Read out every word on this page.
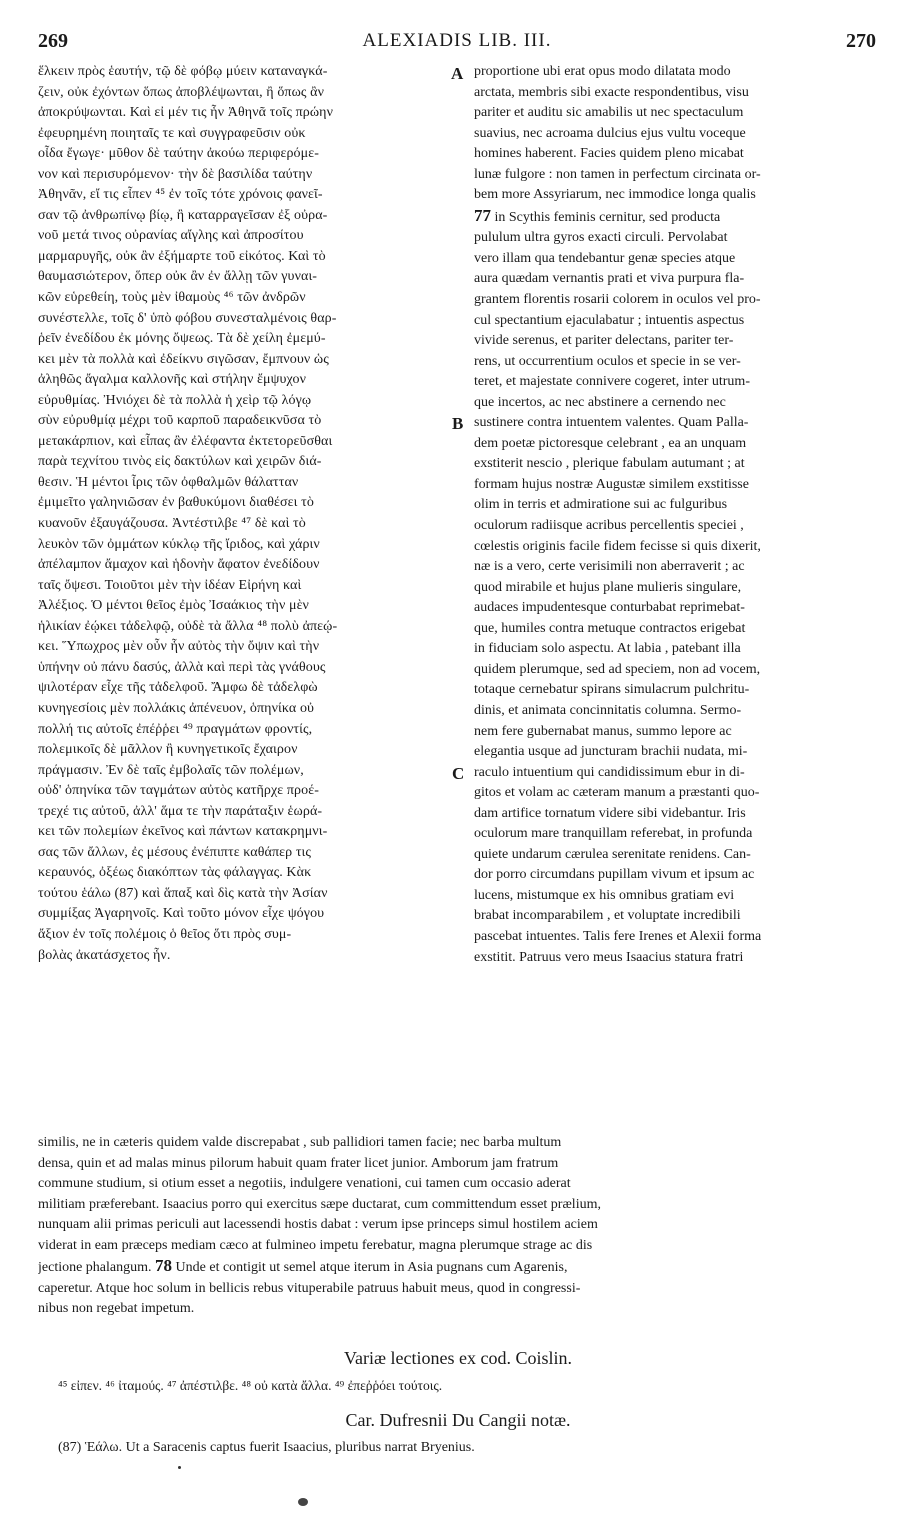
269	ALEXIADIS LIB. III.	270
ἕλκειν πρὸς ἑαυτήν, τῷ δὲ φόβῳ μύειν καταναγκά-
ζειν, οὐκ ἐχόντων ὅπως ἀποβλέψωνται, ἢ ὅπως ἂν
ἀποκρύψωνται. Καὶ εἰ μέν τις ἦν Ἀθηνᾶ τοῖς πρώην
ἐφευρημένη ποιηταῖς τε καὶ συγγραφεῦσιν οὐκ
οἶδα ἔγωγε· μῦθον δὲ ταύτην ἀκούω περιφερόμε-
νον καὶ περισυρόμενον· τὴν δὲ βασιλίδα ταύτην
Ἀθηνᾶν, εἴ τις εἶπεν ⁴⁵ ἐν τοῖς τότε χρόνοις φανεῖ-
σαν τῷ ἀνθρωπίνῳ βίῳ, ἢ καταρραγεῖσαν ἐξ οὐρα-
νοῦ μετά τινος οὐρανίας αἴγλης καὶ ἀπροσίτου
μαρμαρυγῆς, οὐκ ἂν ἐξήμαρτε τοῦ εἰκότος. Καὶ τὸ
θαυμασιώτερον, ὅπερ οὐκ ἂν ἐν ἄλλῃ τῶν γυναι-
κῶν εὑρεθείη, τοὺς μὲν ἰθαμοὺς ⁴⁶ τῶν ἀνδρῶν
συνέστελλε, τοῖς δ' ὑπὸ φόβου συνεσταλμένοις θαρ-
ῥεῖν ἐνεδίδου ἐκ μόνης ὄψεως. Τὰ δὲ χείλη ἐμεμύ-
κει μὲν τὰ πολλὰ καὶ ἐδείκνυ σιγῶσαν, ἔμπνουν ὡς
ἀληθῶς ἄγαλμα καλλονῆς καὶ στήλην ἔμψυχον
εὐρυθμίας. Ἠνιόχει δὲ τὰ πολλὰ ἡ χεὶρ τῷ λόγῳ
σὺν εὐρυθμίᾳ μέχρι τοῦ καρποῦ παραδεικνῦσα τὸ
μετακάρπιον, καὶ εἶπας ἂν ἐλέφαντα ἐκτετορεῦσθαι
παρὰ τεχνίτου τινὸς εἰς δακτύλων καὶ χειρῶν διά-
θεσιν. Ἡ μέντοι ἶρις τῶν ὀφθαλμῶν θάλατταν
ἐμιμεῖτο γαληνιῶσαν ἐν βαθυκύμονι διαθέσει τὸ
κυανοῦν ἐξαυγάζουσα. Ἀντέστιλβε ⁴⁷ δὲ καὶ τὸ
λευκὸν τῶν ὀμμάτων κύκλῳ τῆς ἴριδος, καὶ χάριν
ἀπέλαμπον ἄμαχον καὶ ἡδονὴν ἄφατον ἐνεδίδουν
ταῖς ὄψεσι. Τοιοῦτοι μὲν τὴν ἰδέαν Εἰρήνη καὶ
Ἀλέξιος. Ὁ μέντοι θεῖος ἐμὸς Ἰσαάκιος τὴν μὲν
ἡλικίαν ἐῴκει τἀδελφῷ, οὐδὲ τὰ ἄλλα ⁴⁸ πολὺ ἀπεῴ-
κει. Ὕπωχρος μὲν οὖν ἦν αὐτὸς τὴν ὄψιν καὶ τὴν
ὑπήνην οὐ πάνυ δασύς, ἀλλὰ καὶ περὶ τὰς γνάθους
ψιλοτέραν εἶχε τῆς τἀδελφοῦ. Ἄμφω δὲ τἀδελφὼ
κυνηγεσίοις μὲν πολλάκις ἀπένευον, ὁπηνίκα οὐ
πολλή τις αὐτοῖς ἐπέῤῥει ⁴⁹ πραγμάτων φροντίς,
πολεμικοῖς δὲ μᾶλλον ἢ κυνηγετικοῖς ἔχαιρον
πράγμασιν. Ἐν δὲ ταῖς ἐμβολαῖς τῶν πολέμων,
οὐδ' ὁπηνίκα τῶν ταγμάτων αὐτὸς κατῆρχε προέ-
τρεχέ τις αὐτοῦ, ἀλλ' ἅμα τε τὴν παράταξιν ἑωρά-
κει τῶν πολεμίων ἐκεῖνος καὶ πάντων κατακρημνι-
σας τῶν ἄλλων, ἐς μέσους ἐνέπιπτε καθάπερ τις
κεραυνός, ὀξέως διακόπτων τὰς φάλαγγας. Κὰκ
τούτου ἑάλω (87) καὶ ἅπαξ καὶ δὶς κατὰ τὴν Ἀσίαν
συμμίξας Ἀγαρηνοῖς. Καὶ τοῦτο μόνον εἶχε ψόγου
ἄξιον ἐν τοῖς πολέμοις ὁ θεῖος ὅτι πρὸς συμ-
βολὰς ἀκατάσχετος ἦν.
proportione ubi erat opus modo dilatata modo
arctata, membris sibi exacte respondentibus, visu
pariter et auditu sic amabilis ut nec spectaculum
suavius, nec acroama dulcius ejus vultu voceque
homines haberent. Facies quidem pleno micabat
lunæ fulgore : non tamen in perfectum circinata or-
bem more Assyriarum, nec immodice longa qualis
77 in Scythis feminis cernitur, sed producta
pululum ultra gyros exacti circuli. Pervolabat
vero illam qua tendebantur genæ species atque
aura quædam vernantis prati et viva purpura fla-
grantem florentis rosarii colorem in oculos vel pro-
cul spectantium ejaculabatur ; intuentis aspectus
vivide serenus, et pariter delectans, pariter ter-
rens, ut occurrentium oculos et specie in se ver-
teret, et majestate connivere cogeret, inter utrum-
que incertos, ac nec abstinere a cernendo nec
sustinere contra intuentem valentes. Quam Palla-
dem poetæ pictoresque celebrant , ea an unquam
exstiterit nescio , plerique fabulam autumant ; at
formam hujus nostræ Augustæ similem exstitisse
olim in terris et admiratione sui ac fulguribus
oculorum radiisque acribus percellentis speciei ,
cœlestis originis facile fidem fecisse si quis dixerit,
næ is a vero, certe verisimili non aberraverit ; ac
quod mirabile et hujus plane mulieris singulare,
audaces impudentesque conturbabat reprimebat-
que, humiles contra metuque contractos erigebat
in fiduciam solo aspectu. At labia , patebant illa
quidem plerumque, sed ad speciem, non ad vocem,
totaque cernebatur spirans simulacrum pulchritu-
dinis, et animata concinnitatis columna. Sermo-
nem fere gubernabat manus, summo lepore ac
elegantia usque ad juncturam brachii nudata, mi-
raculo intuentium qui candidissimum ebur in di-
gitos et volam ac cæteram manum a præstanti quo-
dam artifice tornatum videre sibi videbantur. Iris
oculorum mare tranquillam referebat, in profunda
quiete undarum cærulea serenitate renidens. Can-
dor porro circumdans pupillam vivum et ipsum ac
lucens, mistumque ex his omnibus gratiam evi
brabat incomparabilem , et voluptate incredibili
pascebat intuentes. Talis fere Irenes et Alexii forma
exstitit. Patruus vero meus Isaacius statura fratri
A
B
C
similis, ne in cæteris quidem valde discrepabat , sub pallidiori tamen facie; nec barba multum
densa, quin et ad malas minus pilorum habuit quam frater licet junior. Amborum jam fratrum
commune studium, si otium esset a negotiis, indulgere venationi, cui tamen cum occasio aderat
militiam præferebant. Isaacius porro qui exercitus sæpe ductarat, cum committendum esset prælium,
nunquam alii primas periculi aut lacessendi hostis dabat : verum ipse princeps simul hostilem aciem
viderat in eam præceps mediam cæco at fulmineo impetu ferebatur, magna plerumque strage ac dis
jectione phalangum. 78 Unde et contigit ut semel atque iterum in Asia pugnans cum Agarenis,
caperetur. Atque hoc solum in bellicis rebus vituperabile patruus habuit meus, quod in congressi-
nibus non regebat impetum.
Variæ lectiones ex cod. Coislin.
⁴⁵ εἰπεν. ⁴⁶ ἰταμούς. ⁴⁷ ἀπέστιλβε. ⁴⁸ οὐ κατὰ ἄλλα. ⁴⁹ ἐπεῤῥόει τούτοις.
Car. Dufresnii Du Cangii notæ.
(87) Ἑάλω. Ut a Saracenis captus fuerit Isaacius, pluribus narrat Bryenius.
